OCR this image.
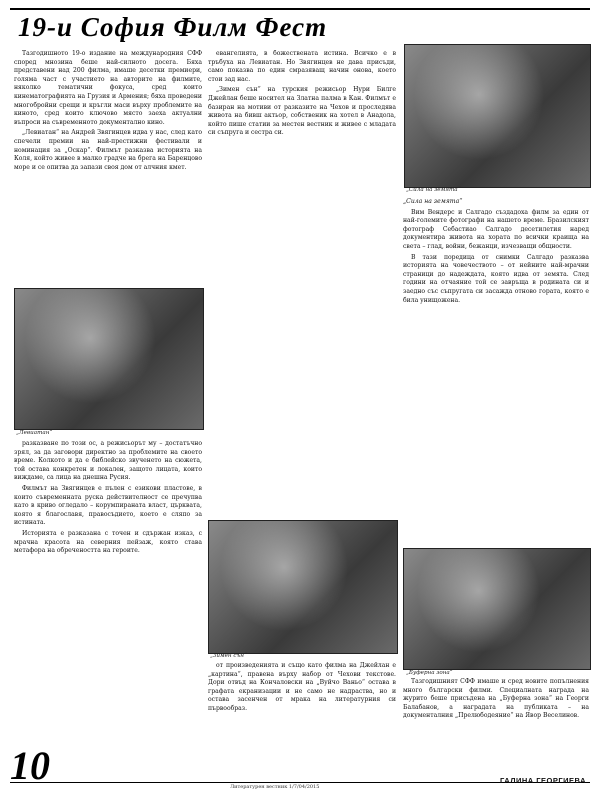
19-и София Филм Фест

Тазгодишното 19-о издание на международния СФФ според мнозина беше най-силното досега. Бяха представени над 200 филма, имаше десетки премиери, голяма част с участието на авторите на филмите, няколко тематични фокуса, сред които кинематографията на Грузия и Армения; бяха проведени многобройни срещи и кръгли маси върху проблемите на киното, сред които ключово място заеха актуални въпроси на съвременното документално кино.

„Левиатан“ на Андрей Звягинцев идва у нас, след като спечели премии на най-престижни фестивали и номинация за „Оскар“. Филмът разказва историята на Коля, който живее в малко градче на брега на Баренцово море и се опитва да запази своя дом от алчния кмет.

„Левиатан“

разказване по този ос, а режисьорът му – достатъчно зрял, за да заговори директно за проблемите на своето време. Колкото и да е библейско звученето на сюжета, той остава конкретен и локален, защото лицата, които виждаме, са лица на днешна Русия.

Филмът на Звягинцев е пълен с езикови пластове, в които съвременната руска действителност се пречупва като в криво огледало – корумпираната власт, църквата, която я благославя, правосъдието, което е сляпо за истината.

Историята е разказана с точен и сдържан изказ, с мрачна красота на северния пейзаж, която става метафора на обречеността на героите.

евангелията, в божествената истина. Всичко е в тръбуха на Левиатан. Но Звягинцев не дава присъди, само показва по един смразяващ начин онова, което стои зад нас.

„Зимен сън“ на турския режисьор Нури Билге Джейлан беше носител на Златна палма в Кан. Филмът е базиран на мотиви от разказите на Чехов и проследява живота на бивш актьор, собственик на хотел в Анадола, който пише статии за местен вестник и живее с младата си съпруга и сестра си.

„Зимен сън“

от произведенията и също като филма на Джейлан е „картина“, правена върху набор от Чехови текстове. Дори отвъд на Кончаловски на „Вуйчо Ваньо“ остава в графата екранизации и не само не надраства, но и остава засенчен от мрака на литературния си първообраз.

„Сила на земята“

„Сила на земята“

Вим Вендерс и Салгадо създадоха филм за един от най-големите фотографи на нашето време. Бразилският фотограф Себастиао Салгадо десетилетия наред документира живота на хората по всички краища на света – глад, войни, бежанци, изчезващи общности.

В тази поредица от снимки Салгадо разказва историята на човечеството – от нейните най-мрачни страници до надеждата, която идва от земята. След години на отчаяние той се завръща в родината си и заедно със съпругата си засажда отново гората, която е била унищожена.

„Буферна зона“

Тазгодишният СФФ имаше и сред новите попълнения много български филми. Специалната награда на журито беше присъдена на „Буферна зона“ на Георги Балабанов, а наградата на публиката – на документалния „Прелюбодеяние“ на Явор Веселинов.

10	Литературен вестник 1/7/04/2015
ГАЛИНА ГЕОРГИЕВА
